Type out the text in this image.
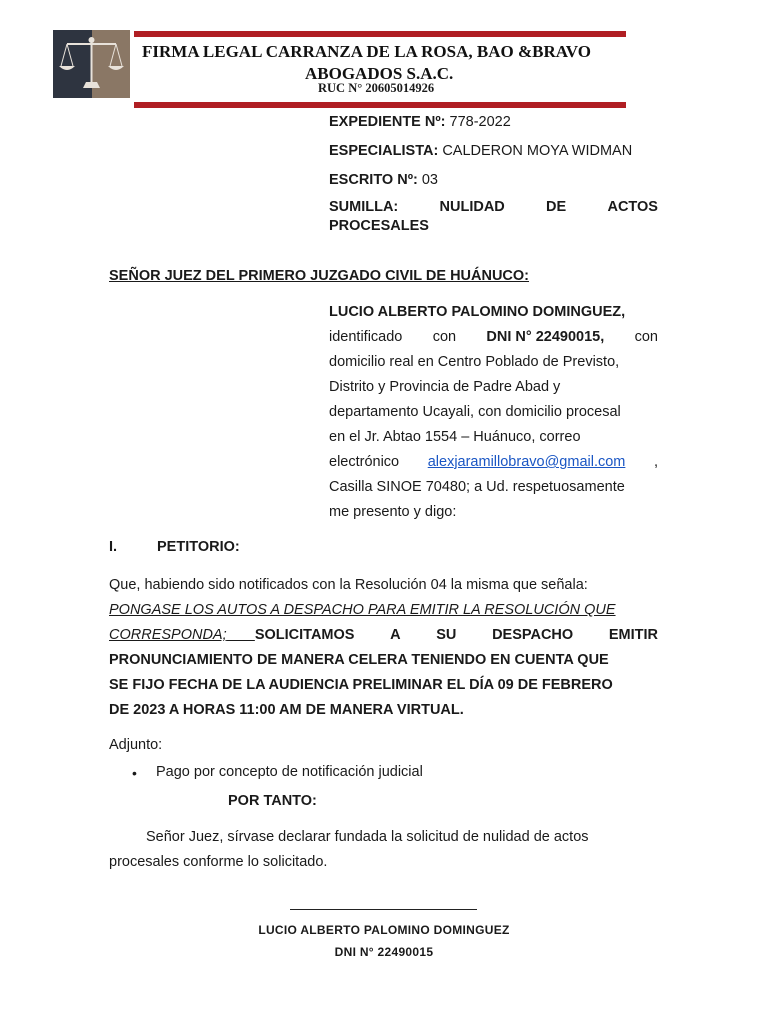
FIRMA LEGAL CARRANZA DE LA ROSA, BAO &BRAVO
ABOGADOS S.A.C.
RUC N° 20605014926
EXPEDIENTE Nº: 778-2022
ESPECIALISTA: CALDERON MOYA WIDMAN
ESCRITO Nº: 03
SUMILLA:	NULIDAD	DE	ACTOS
PROCESALES
SEÑOR JUEZ DEL PRIMERO JUZGADO CIVIL DE HUÁNUCO:
LUCIO ALBERTO PALOMINO DOMINGUEZ,
identificado con DNI N° 22490015, con
domicilio real en Centro Poblado de Previsto,
Distrito y Provincia de Padre Abad y
departamento Ucayali, con domicilio procesal
en el Jr. Abtao 1554 – Huánuco, correo
electrónico alexjaramillobravo@gmail.com ,
Casilla SINOE 70480; a Ud. respetuosamente
me presento y digo:
I.	PETITORIO:
Que, habiendo sido notificados con la Resolución 04 la misma que señala:
PONGASE LOS AUTOS A DESPACHO PARA EMITIR LA RESOLUCIÓN QUE
CORRESPONDA; SOLICITAMOS A SU DESPACHO EMITIR
PRONUNCIAMIENTO DE MANERA CELERA TENIENDO EN CUENTA QUE
SE FIJO FECHA DE LA AUDIENCIA PRELIMINAR EL DÍA 09 DE FEBRERO
DE 2023 A HORAS 11:00 AM DE MANERA VIRTUAL.
Adjunto:
• Pago por concepto de notificación judicial
POR TANTO:
Señor Juez, sírvase declarar fundada la solicitud de nulidad de actos
procesales conforme lo solicitado.
LUCIO ALBERTO PALOMINO DOMINGUEZ
DNI N° 22490015
